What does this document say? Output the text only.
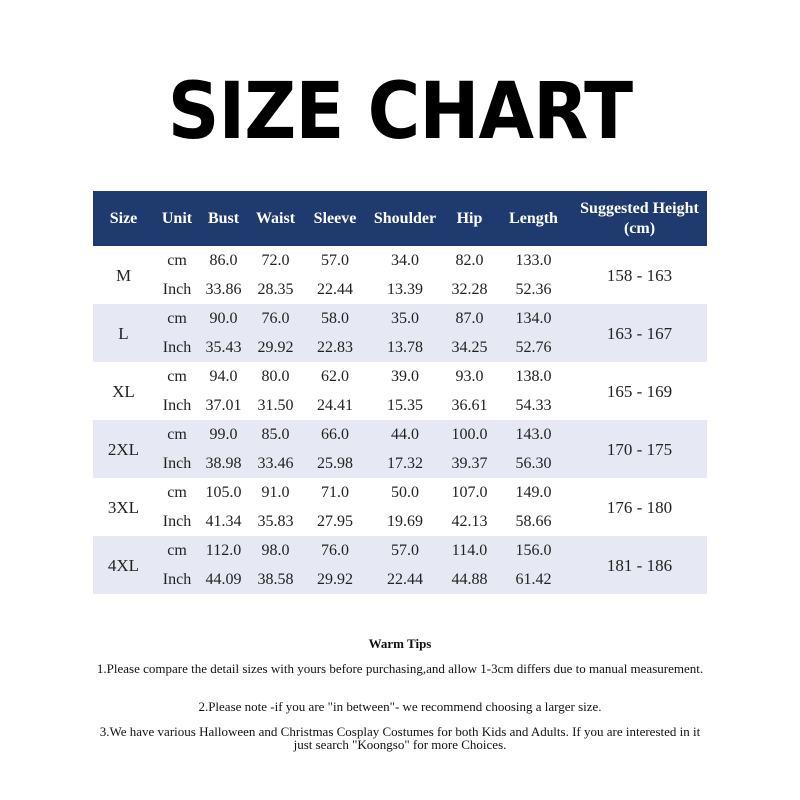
SIZE CHART
Size	Unit	Bust	Waist	Sleeve	Shoulder	Hip	Length	Suggested Height (cm)
M	cm	86.0	72.0	57.0	34.0	82.0	133.0	158 - 163
	Inch	33.86	28.35	22.44	13.39	32.28	52.36	
L	cm	90.0	76.0	58.0	35.0	87.0	134.0	163 - 167
	Inch	35.43	29.92	22.83	13.78	34.25	52.76	
XL	cm	94.0	80.0	62.0	39.0	93.0	138.0	165 - 169
	Inch	37.01	31.50	24.41	15.35	36.61	54.33	
2XL	cm	99.0	85.0	66.0	44.0	100.0	143.0	170 - 175
	Inch	38.98	33.46	25.98	17.32	39.37	56.30	
3XL	cm	105.0	91.0	71.0	50.0	107.0	149.0	176 - 180
	Inch	41.34	35.83	27.95	19.69	42.13	58.66	
4XL	cm	112.0	98.0	76.0	57.0	114.0	156.0	181 - 186
	Inch	44.09	38.58	29.92	22.44	44.88	61.42	
Warm Tips
1.Please compare the detail sizes with yours before purchasing,and allow 1-3cm differs due to manual measurement.
2.Please note -if you are "in between"- we recommend choosing a larger size.
3.We have various Halloween and Christmas Cosplay Costumes for both Kids and Adults. If you are interested in it just search "Koongso" for more Choices.
